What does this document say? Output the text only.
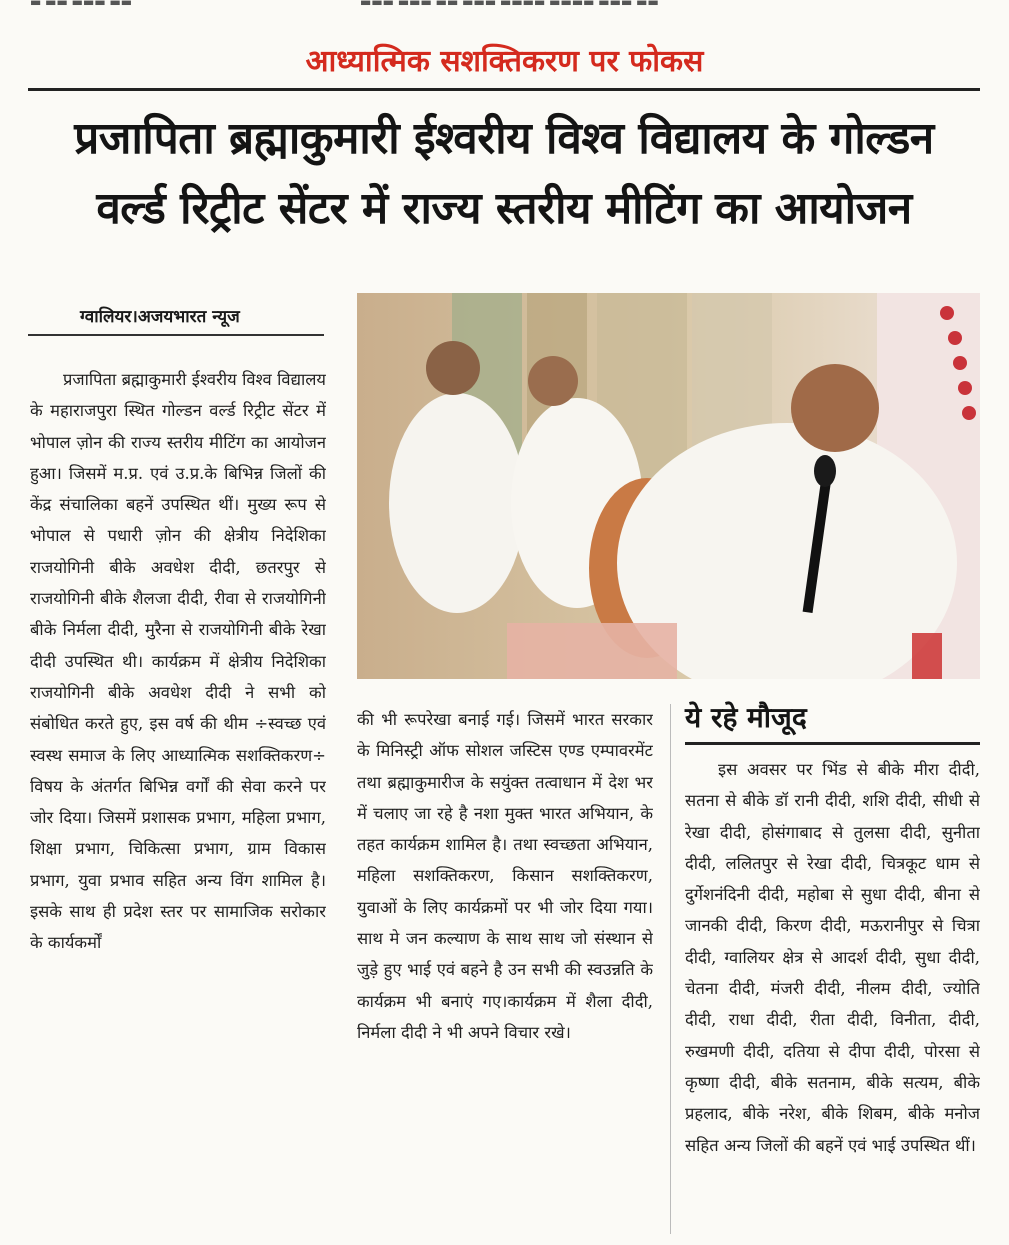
▬ ▬▬ ▬▬▬ ▬▬	▬▬▬ ▬▬▬ ▬▬ ▬▬▬ ▬▬▬▬ ▬▬▬▬ ▬▬▬ ▬▬
आध्यात्मिक सशक्तिकरण पर फोकस
प्रजापिता ब्रह्माकुमारी ईश्वरीय विश्व विद्यालय के गोल्डन
वर्ल्ड रिट्रीट सेंटर में राज्य स्तरीय मीटिंग का आयोजन
ग्वालियर।अजयभारत न्यूज
प्रजापिता ब्रह्माकुमारी ईश्वरीय विश्व विद्यालय के महाराजपुरा स्थित गोल्डन वर्ल्ड रिट्रीट सेंटर में भोपाल ज़ोन की राज्य स्तरीय मीटिंग का आयोजन हुआ। जिसमें म.प्र. एवं उ.प्र.के बिभिन्न जिलों की केंद्र संचालिका बहनें उपस्थित थीं। मुख्य रूप से भोपाल से पधारी ज़ोन की क्षेत्रीय निदेशिका राजयोगिनी बीके अवधेश दीदी, छतरपुर से राजयोगिनी बीके शैलजा दीदी, रीवा से राजयोगिनी बीके निर्मला दीदी, मुरैना से राजयोगिनी बीके रेखा दीदी उपस्थित थी। कार्यक्रम में क्षेत्रीय निदेशिका राजयोगिनी बीके अवधेश दीदी ने सभी को संबोधित करते हुए, इस वर्ष की थीम ÷स्वच्छ एवं स्वस्थ समाज के लिए आध्यात्मिक सशक्तिकरण÷ विषय के अंतर्गत बिभिन्न वर्गों की सेवा करने पर जोर दिया। जिसमें प्रशासक प्रभाग, महिला प्रभाग, शिक्षा प्रभाग, चिकित्सा प्रभाग, ग्राम विकास प्रभाग, युवा प्रभाव सहित अन्य विंग शामिल है। इसके साथ ही प्रदेश स्तर पर सामाजिक सरोकार के कार्यकर्मों
की भी रूपरेखा बनाई गई। जिसमें भारत सरकार के मिनिस्ट्री ऑफ सोशल जस्टिस एण्ड एम्पावरमेंट तथा ब्रह्माकुमारीज के सयुंक्त तत्वाधान में देश भर में चलाए जा रहे है नशा मुक्त भारत अभियान, के तहत कार्यक्रम शामिल है। तथा स्वच्छता अभियान, महिला सशक्तिकरण, किसान सशक्तिकरण, युवाओं के लिए कार्यक्रमों पर भी जोर दिया गया।साथ मे जन कल्याण के साथ साथ जो संस्थान से जुड़े हुए भाई एवं बहने है उन सभी की स्वउन्नति के कार्यक्रम भी बनाएं गए।कार्यक्रम में शैला दीदी, निर्मला दीदी ने भी अपने विचार रखे।
ये रहे मौजूद
इस अवसर पर भिंड से बीके मीरा दीदी, सतना से बीके डॉ रानी दीदी, शशि दीदी, सीधी से रेखा दीदी, होसंगाबाद से तुलसा दीदी, सुनीता दीदी, ललितपुर से रेखा दीदी, चित्रकूट धाम से दुर्गेशनंदिनी दीदी, महोबा से सुधा दीदी, बीना से जानकी दीदी, किरण दीदी, मऊरानीपुर से चित्रा दीदी, ग्वालियर क्षेत्र से आदर्श दीदी, सुधा दीदी, चेतना दीदी, मंजरी दीदी, नीलम दीदी, ज्योति दीदी, राधा दीदी, रीता दीदी, विनीता, दीदी, रुखमणी दीदी, दतिया से दीपा दीदी, पोरसा से कृष्णा दीदी, बीके सतनाम, बीके सत्यम, बीके प्रहलाद, बीके नरेश, बीके शिबम, बीके मनोज सहित अन्य जिलों की बहनें एवं भाई उपस्थित थीं।
